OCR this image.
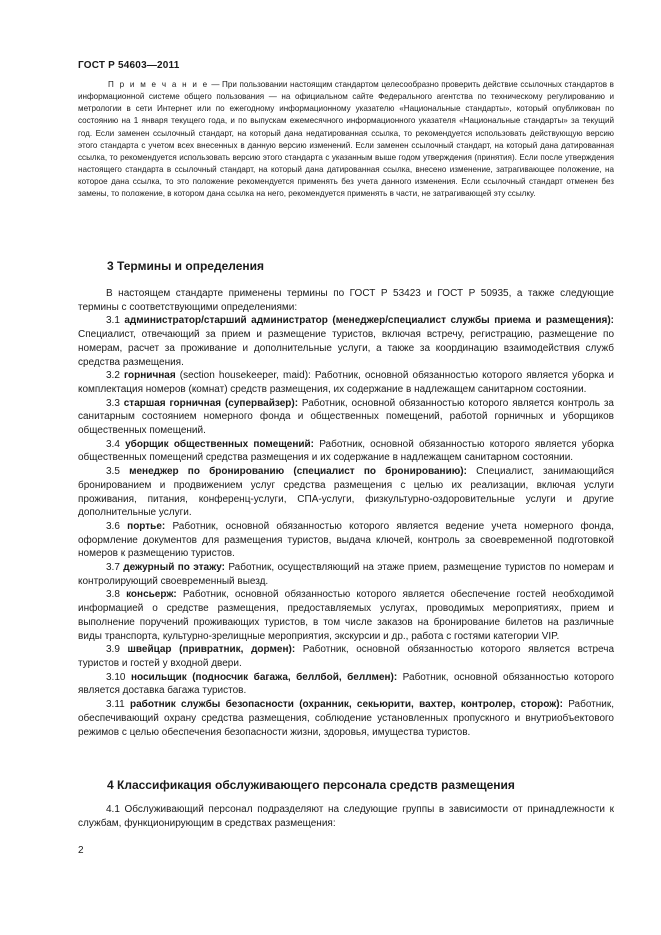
ГОСТ Р 54603—2011
П р и м е ч а н и е — При пользовании настоящим стандартом целесообразно проверить действие ссылочных стандартов в информационной системе общего пользования — на официальном сайте Федерального агентства по техническому регулированию и метрологии в сети Интернет или по ежегодному информационному указателю «Национальные стандарты», который опубликован по состоянию на 1 января текущего года, и по выпускам ежемесячного информационного указателя «Национальные стандарты» за текущий год. Если заменен ссылочный стандарт, на который дана недатированная ссылка, то рекомендуется использовать действующую версию этого стандарта с учетом всех внесенных в данную версию изменений. Если заменен ссылочный стандарт, на который дана датированная ссылка, то рекомендуется использовать версию этого стандарта с указанным выше годом утверждения (принятия). Если после утверждения настоящего стандарта в ссылочный стандарт, на который дана датированная ссылка, внесено изменение, затрагивающее положение, на которое дана ссылка, то это положение рекомендуется применять без учета данного изменения. Если ссылочный стандарт отменен без замены, то положение, в котором дана ссылка на него, рекомендуется применять в части, не затрагивающей эту ссылку.
3 Термины и определения

В настоящем стандарте применены термины по ГОСТ Р 53423 и ГОСТ Р 50935, а также следующие термины с соответствующими определениями:

3.1 администратор/старший администратор (менеджер/специалист службы приема и размещения): Специалист, отвечающий за прием и размещение туристов, включая встречу, регистрацию, размещение по номерам, расчет за проживание и дополнительные услуги, а также за координацию взаимодействия служб средства размещения.

3.2 горничная (section housekeeper, maid): Работник, основной обязанностью которого является уборка и комплектация номеров (комнат) средств размещения, их содержание в надлежащем санитарном состоянии.

3.3 старшая горничная (супервайзер): Работник, основной обязанностью которого является контроль за санитарным состоянием номерного фонда и общественных помещений, работой горничных и уборщиков общественных помещений.

3.4 уборщик общественных помещений: Работник, основной обязанностью которого является уборка общественных помещений средства размещения и их содержание в надлежащем санитарном состоянии.

3.5 менеджер по бронированию (специалист по бронированию): Специалист, занимающийся бронированием и продвижением услуг средства размещения с целью их реализации, включая услуги проживания, питания, конференц-услуги, СПА-услуги, физкультурно-оздоровительные услуги и другие дополнительные услуги.

3.6 портье: Работник, основной обязанностью которого является ведение учета номерного фонда, оформление документов для размещения туристов, выдача ключей, контроль за своевременной подготовкой номеров к размещению туристов.

3.7 дежурный по этажу: Работник, осуществляющий на этаже прием, размещение туристов по номерам и контролирующий своевременный выезд.

3.8 консьерж: Работник, основной обязанностью которого является обеспечение гостей необходимой информацией о средстве размещения, предоставляемых услугах, проводимых мероприятиях, прием и выполнение поручений проживающих туристов, в том числе заказов на бронирование билетов на различные виды транспорта, культурно-зрелищные мероприятия, экскурсии и др., работа с гостями категории VIP.

3.9 швейцар (привратник, дормен): Работник, основной обязанностью которого является встреча туристов и гостей у входной двери.

3.10 носильщик (подносчик багажа, беллбой, беллмен): Работник, основной обязанностью которого является доставка багажа туристов.

3.11 работник службы безопасности (охранник, секьюрити, вахтер, контролер, сторож): Работник, обеспечивающий охрану средства размещения, соблюдение установленных пропускного и внутриобъектового режимов с целью обеспечения безопасности жизни, здоровья, имущества туристов.

4 Классификация обслуживающего персонала средств размещения

4.1 Обслуживающий персонал подразделяют на следующие группы в зависимости от принадлежности к службам, функционирующим в средствах размещения:

2
